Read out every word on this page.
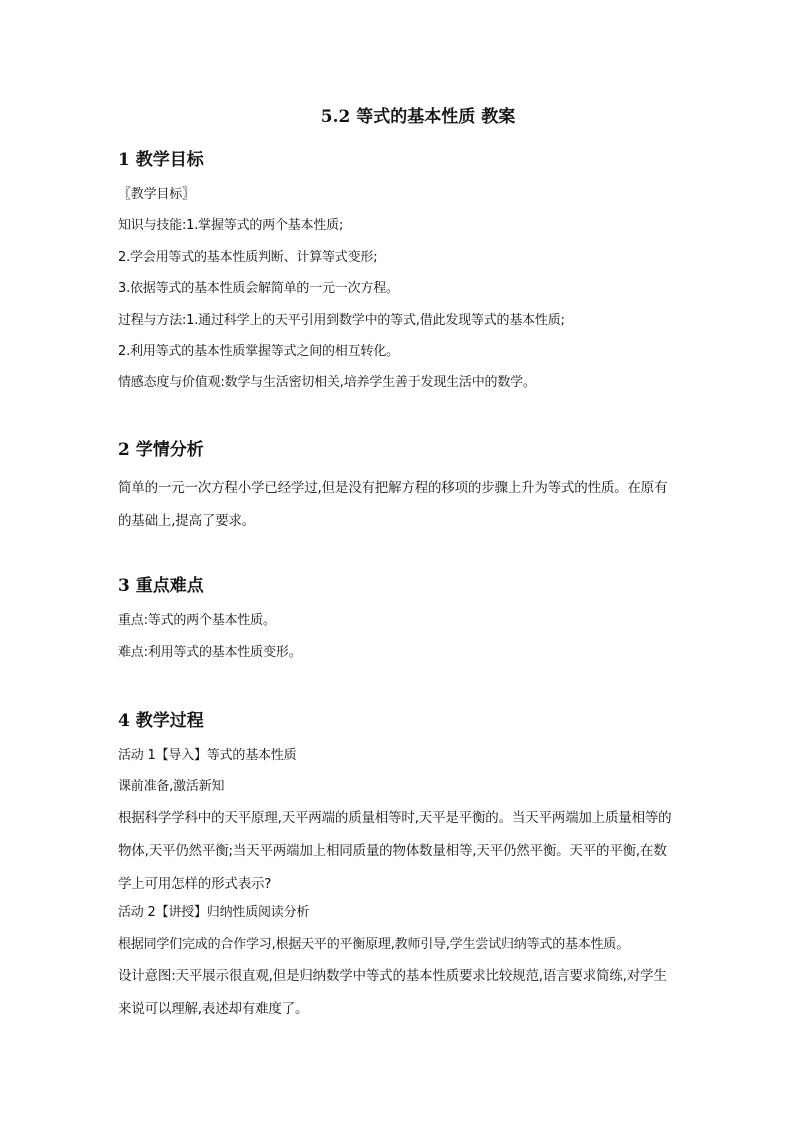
5.2 等式的基本性质 教案
1 教学目标
〖教学目标〗
知识与技能:1.掌握等式的两个基本性质;
2.学会用等式的基本性质判断、计算等式变形;
3.依据等式的基本性质会解简单的一元一次方程。
过程与方法:1.通过科学上的天平引用到数学中的等式,借此发现等式的基本性质;
2.利用等式的基本性质掌握等式之间的相互转化。
情感态度与价值观:数学与生活密切相关,培养学生善于发现生活中的数学。
2 学情分析
简单的一元一次方程小学已经学过,但是没有把解方程的移项的步骤上升为等式的性质。在原有的基础上,提高了要求。
3 重点难点
重点:等式的两个基本性质。
难点:利用等式的基本性质变形。
4 教学过程
活动 1【导入】等式的基本性质
课前准备,激活新知
根据科学学科中的天平原理,天平两端的质量相等时,天平是平衡的。当天平两端加上质量相等的物体,天平仍然平衡;当天平两端加上相同质量的物体数量相等,天平仍然平衡。天平的平衡,在数学上可用怎样的形式表示?
活动 2【讲授】归纳性质阅读分析
根据同学们完成的合作学习,根据天平的平衡原理,教师引导,学生尝试归纳等式的基本性质。
设计意图:天平展示很直观,但是归纳数学中等式的基本性质要求比较规范,语言要求简练,对学生来说可以理解,表述却有难度了。
